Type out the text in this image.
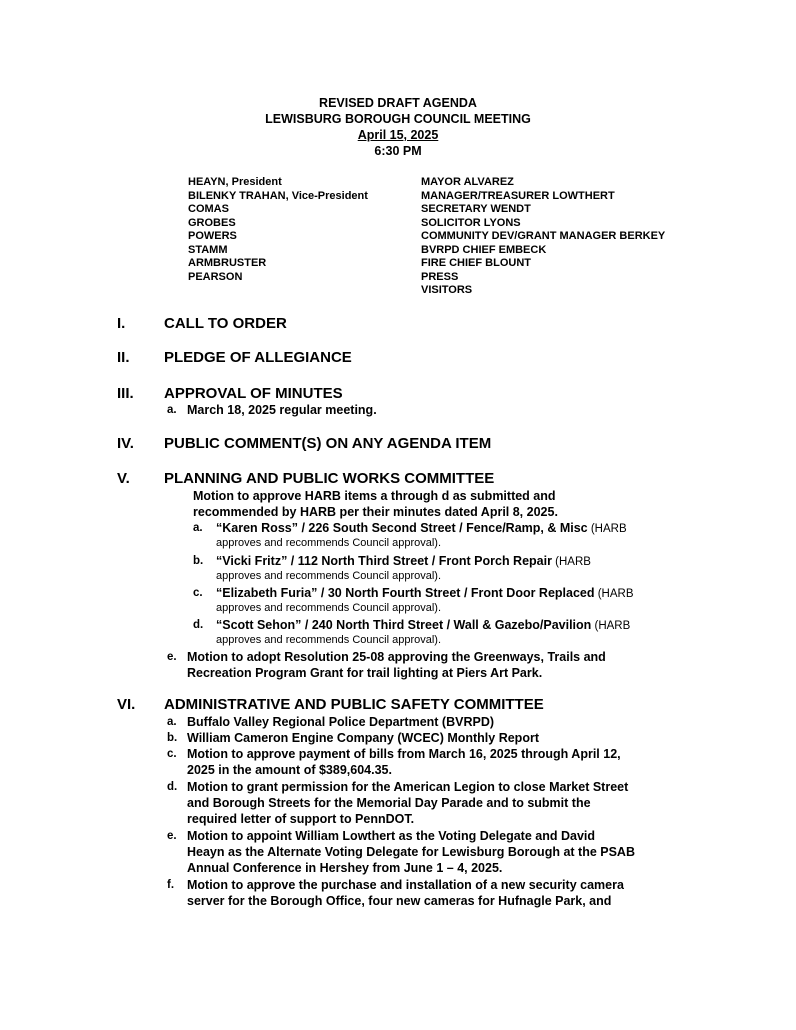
REVISED DRAFT AGENDA
LEWISBURG BOROUGH COUNCIL MEETING
April 15, 2025
6:30 PM
HEAYN, President
BILENKY TRAHAN, Vice-President
COMAS
GROBES
POWERS
STAMM
ARMBRUSTER
PEARSON
MAYOR ALVAREZ
MANAGER/TREASURER LOWTHERT
SECRETARY WENDT
SOLICITOR LYONS
COMMUNITY DEV/GRANT MANAGER BERKEY
BVRPD CHIEF EMBECK
FIRE CHIEF BLOUNT
PRESS
VISITORS
I.	CALL TO ORDER
II. PLEDGE OF ALLEGIANCE
III. APPROVAL OF MINUTES
a. March 18, 2025 regular meeting.
IV. PUBLIC COMMENT(S) ON ANY AGENDA ITEM
V. PLANNING AND PUBLIC WORKS COMMITTEE
Motion to approve HARB items a through d as submitted and
recommended by HARB per their minutes dated April 8, 2025.
a. “Karen Ross” / 226 South Second Street / Fence/Ramp, & Misc (HARB
approves and recommends Council approval).
b. “Vicki Fritz” / 112 North Third Street / Front Porch Repair (HARB
approves and recommends Council approval).
c. “Elizabeth Furia” / 30 North Fourth Street / Front Door Replaced (HARB
approves and recommends Council approval).
d. “Scott Sehon” / 240 North Third Street / Wall & Gazebo/Pavilion (HARB
approves and recommends Council approval).
e. Motion to adopt Resolution 25-08 approving the Greenways, Trails and
Recreation Program Grant for trail lighting at Piers Art Park.
VI. ADMINISTRATIVE AND PUBLIC SAFETY COMMITTEE
a. Buffalo Valley Regional Police Department (BVRPD)
b. William Cameron Engine Company (WCEC) Monthly Report
c. Motion to approve payment of bills from March 16, 2025 through April 12,
2025 in the amount of $389,604.35.
d. Motion to grant permission for the American Legion to close Market Street
and Borough Streets for the Memorial Day Parade and to submit the
required letter of support to PennDOT.
e. Motion to appoint William Lowthert as the Voting Delegate and David
Heayn as the Alternate Voting Delegate for Lewisburg Borough at the PSAB
Annual Conference in Hershey from June 1 – 4, 2025.
f. Motion to approve the purchase and installation of a new security camera
server for the Borough Office, four new cameras for Hufnagle Park, and
